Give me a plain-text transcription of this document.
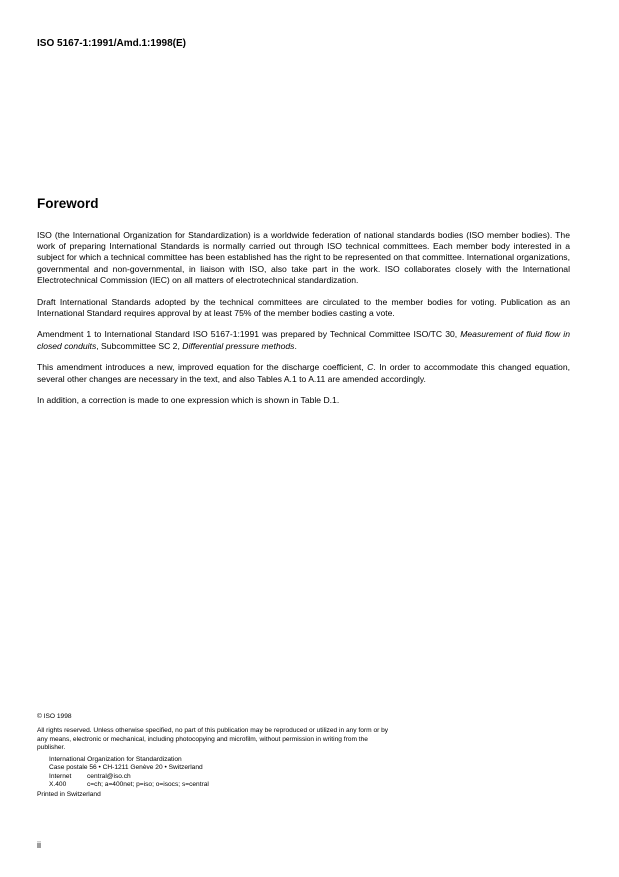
ISO 5167-1:1991/Amd.1:1998(E)
Foreword

ISO (the International Organization for Standardization) is a worldwide federation of national standards bodies (ISO member bodies). The work of preparing International Standards is normally carried out through ISO technical committees. Each member body interested in a subject for which a technical committee has been established has the right to be represented on that committee. International organizations, governmental and non-governmental, in liaison with ISO, also take part in the work. ISO collaborates closely with the International Electrotechnical Commission (IEC) on all matters of electrotechnical standardization.

Draft International Standards adopted by the technical committees are circulated to the member bodies for voting. Publication as an International Standard requires approval by at least 75% of the member bodies casting a vote.

Amendment 1 to International Standard ISO 5167-1:1991 was prepared by Technical Committee ISO/TC 30, Measurement of fluid flow in closed conduits, Subcommittee SC 2, Differential pressure methods.

This amendment introduces a new, improved equation for the discharge coefficient, C. In order to accommodate this changed equation, several other changes are necessary in the text, and also Tables A.1 to A.11 are amended accordingly.

In addition, a correction is made to one expression which is shown in Table D.1.

© ISO 1998

All rights reserved. Unless otherwise specified, no part of this publication may be reproduced or utilized in any form or by any means, electronic or mechanical, including photocopying and microfilm, without permission in writing from the publisher.

International Organization for Standardization

Case postale 56 • CH-1211 Genève 20 • Switzerland

Internet	central@iso.ch
X.400	c=ch; a=400net; p=iso; o=isocs; s=central

Printed in Switzerland

ii
